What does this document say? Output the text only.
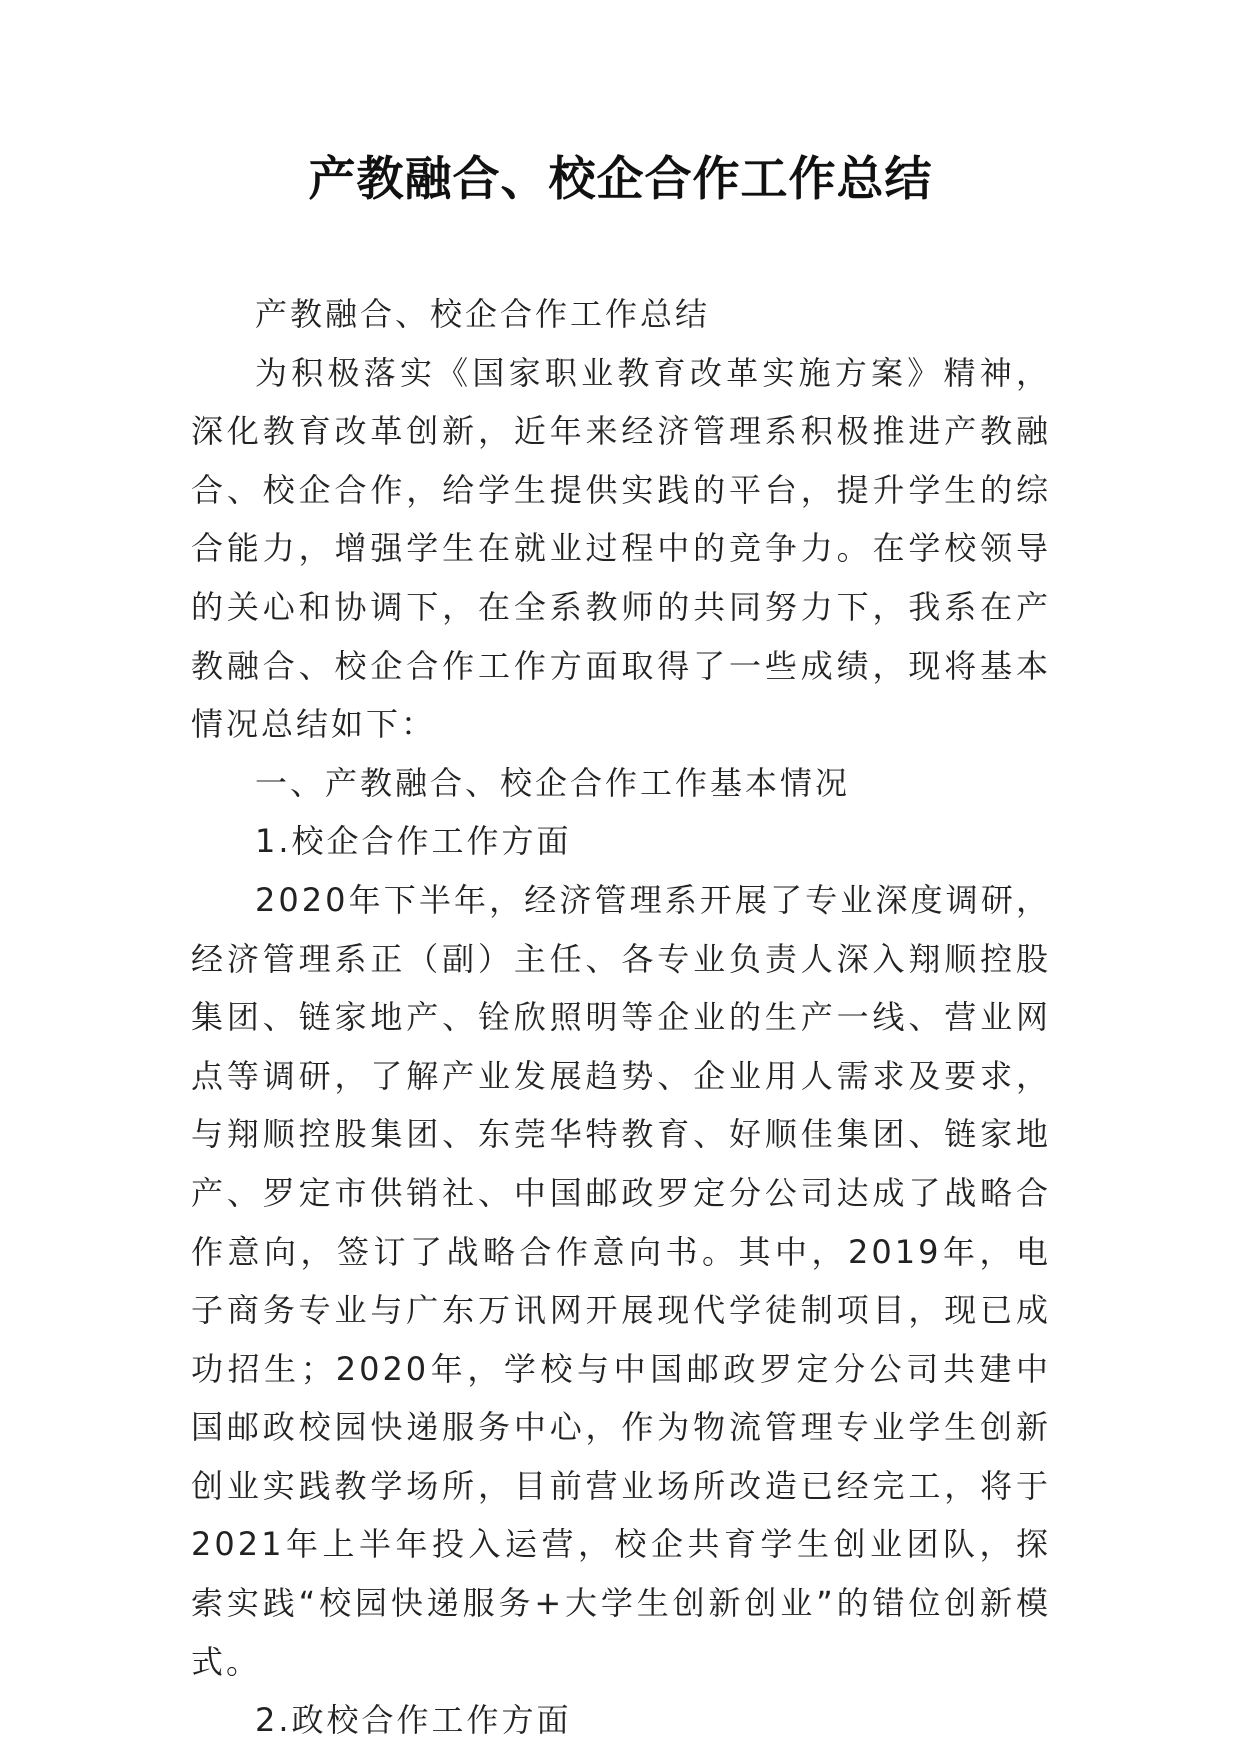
产教融合、校企合作工作总结

产教融合、校企合作工作总结

为积极落实《国家职业教育改革实施方案》精神，深化教育改革创新，近年来经济管理系积极推进产教融合、校企合作，给学生提供实践的平台，提升学生的综合能力，增强学生在就业过程中的竞争力。在学校领导的关心和协调下，在全系教师的共同努力下，我系在产教融合、校企合作工作方面取得了一些成绩，现将基本情况总结如下：

一、产教融合、校企合作工作基本情况

1.校企合作工作方面

2020年下半年，经济管理系开展了专业深度调研，经济管理系正（副）主任、各专业负责人深入翔顺控股集团、链家地产、铨欣照明等企业的生产一线、营业网点等调研，了解产业发展趋势、企业用人需求及要求，与翔顺控股集团、东莞华特教育、好顺佳集团、链家地产、罗定市供销社、中国邮政罗定分公司达成了战略合作意向，签订了战略合作意向书。其中，2019年，电子商务专业与广东万讯网开展现代学徒制项目，现已成功招生；2020年，学校与中国邮政罗定分公司共建中国邮政校园快递服务中心，作为物流管理专业学生创新创业实践教学场所，目前营业场所改造已经完工，将于2021年上半年投入运营，校企共育学生创业团队，探索实践“校园快递服务+大学生创新创业”的错位创新模式。

2.政校合作工作方面
